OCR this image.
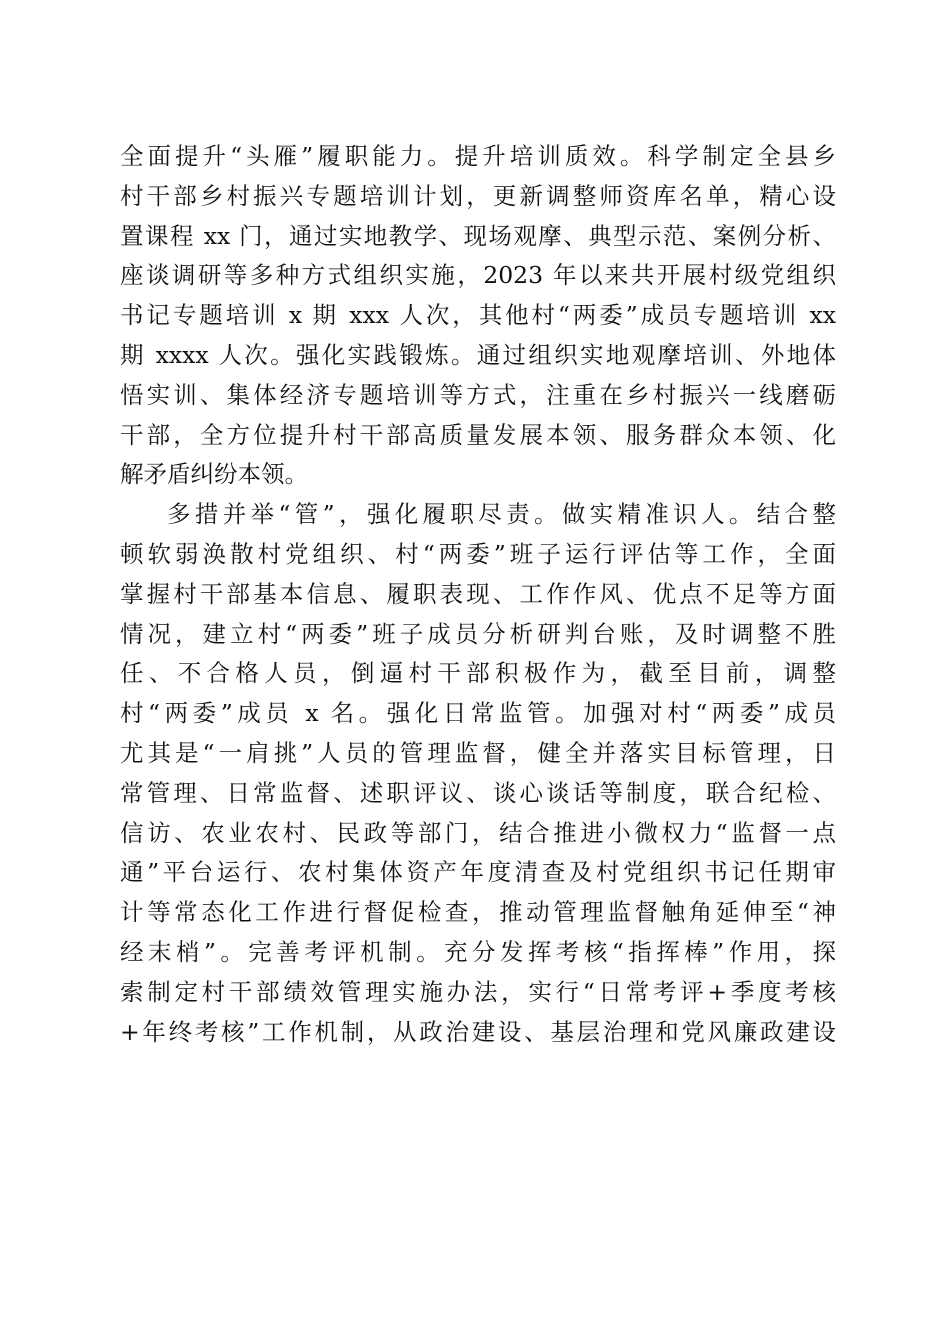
全面提升“头雁”履职能力。提升培训质效。科学制定全县乡
村干部乡村振兴专题培训计划，更新调整师资库名单，精心设
置课程 xx 门，通过实地教学、现场观摩、典型示范、案例分析、
座谈调研等多种方式组织实施，2023 年以来共开展村级党组织
书记专题培训 x 期 xxx 人次，其他村“两委”成员专题培训 xx
期 xxxx 人次。强化实践锻炼。通过组织实地观摩培训、外地体
悟实训、集体经济专题培训等方式，注重在乡村振兴一线磨砺
干部，全方位提升村干部高质量发展本领、服务群众本领、化
解矛盾纠纷本领。
多措并举“管”，强化履职尽责。做实精准识人。结合整
顿软弱涣散村党组织、村“两委”班子运行评估等工作，全面
掌握村干部基本信息、履职表现、工作作风、优点不足等方面
情况，建立村“两委”班子成员分析研判台账，及时调整不胜
任、不合格人员，倒逼村干部积极作为，截至目前，调整
村“两委”成员 x 名。强化日常监管。加强对村“两委”成员
尤其是“一肩挑”人员的管理监督，健全并落实目标管理，日
常管理、日常监督、述职评议、谈心谈话等制度，联合纪检、
信访、农业农村、民政等部门，结合推进小微权力“监督一点
通”平台运行、农村集体资产年度清查及村党组织书记任期审
计等常态化工作进行督促检查，推动管理监督触角延伸至“神
经末梢”。完善考评机制。充分发挥考核“指挥棒”作用，探
索制定村干部绩效管理实施办法，实行“日常考评+季度考核
+年终考核”工作机制，从政治建设、基层治理和党风廉政建设
